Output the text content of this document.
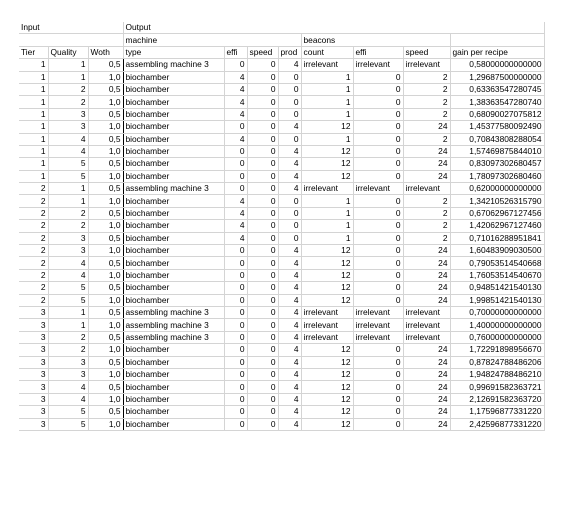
Input			Output							
			machine				beacons			
Tier	Quality	Woth	type	effi	speed	prod	count	effi	speed	gain per recipe
1	1	0,5	assembling machine 3	0	0	4	irrelevant	irrelevant	irrelevant	0,58000000000000
1	1	1,0	biochamber	4	0	0	1	0	2	1,29687500000000
1	2	0,5	biochamber	4	0	0	1	0	2	0,63363547280745
1	2	1,0	biochamber	4	0	0	1	0	2	1,38363547280740
1	3	0,5	biochamber	4	0	0	1	0	2	0,68090027075812
1	3	1,0	biochamber	0	0	4	12	0	24	1,45377580092490
1	4	0,5	biochamber	4	0	0	1	0	2	0,70843808288054
1	4	1,0	biochamber	0	0	4	12	0	24	1,57469875844010
1	5	0,5	biochamber	0	0	4	12	0	24	0,83097302680457
1	5	1,0	biochamber	0	0	4	12	0	24	1,78097302680460
2	1	0,5	assembling machine 3	0	0	4	irrelevant	irrelevant	irrelevant	0,62000000000000
2	1	1,0	biochamber	4	0	0	1	0	2	1,34210526315790
2	2	0,5	biochamber	4	0	0	1	0	2	0,67062967127456
2	2	1,0	biochamber	4	0	0	1	0	2	1,42062967127460
2	3	0,5	biochamber	4	0	0	1	0	2	0,71016288951841
2	3	1,0	biochamber	0	0	4	12	0	24	1,60483909030500
2	4	0,5	biochamber	0	0	4	12	0	24	0,79053514540668
2	4	1,0	biochamber	0	0	4	12	0	24	1,76053514540670
2	5	0,5	biochamber	0	0	4	12	0	24	0,94851421540130
2	5	1,0	biochamber	0	0	4	12	0	24	1,99851421540130
3	1	0,5	assembling machine 3	0	0	4	irrelevant	irrelevant	irrelevant	0,70000000000000
3	1	1,0	assembling machine 3	0	0	4	irrelevant	irrelevant	irrelevant	1,40000000000000
3	2	0,5	assembling machine 3	0	0	4	irrelevant	irrelevant	irrelevant	0,76000000000000
3	2	1,0	biochamber	0	0	4	12	0	24	1,72291898956670
3	3	0,5	biochamber	0	0	4	12	0	24	0,87824788486206
3	3	1,0	biochamber	0	0	4	12	0	24	1,94824788486210
3	4	0,5	biochamber	0	0	4	12	0	24	0,99691582363721
3	4	1,0	biochamber	0	0	4	12	0	24	2,12691582363720
3	5	0,5	biochamber	0	0	4	12	0	24	1,17596877331220
3	5	1,0	biochamber	0	0	4	12	0	24	2,42596877331220
